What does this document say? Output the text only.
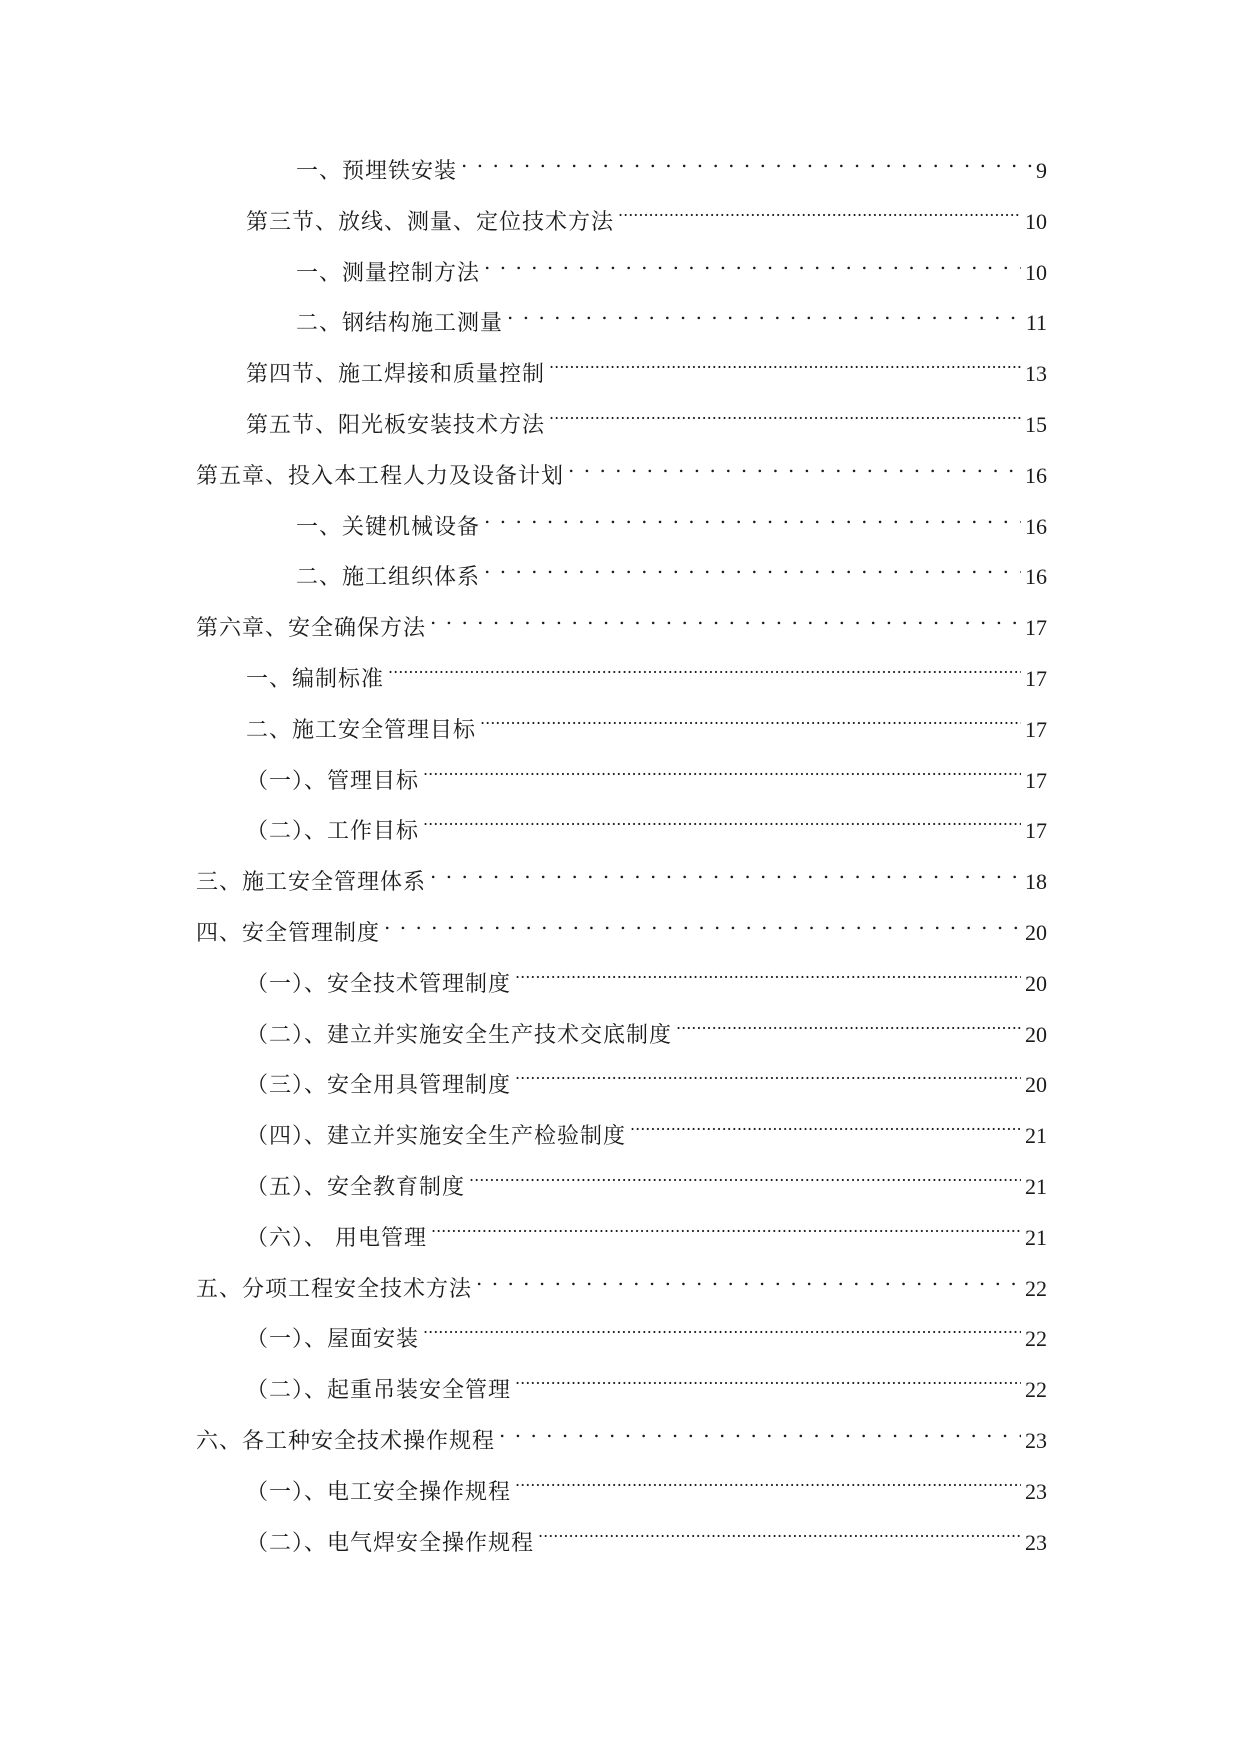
一、预埋铁安装 . . .	9
第三节、放线、测量、定位技术方法 .....	10
一、测量控制方法 . . .	10
二、钢结构施工测量 . . .	11
第四节、施工焊接和质量控制 .....	13
第五节、阳光板安装技术方法 .....	15
第五章、投入本工程人力及设备计划 . . .	16
一、关键机械设备 . . .	16
二、施工组织体系 . . .	16
第六章、安全确保方法 . . .	17
一、编制标准 .....	17
二、施工安全管理目标 .....	17
（一）、管理目标 .....	17
（二）、工作目标 .....	17
三、施工安全管理体系 . . .	18
四、安全管理制度 . . .	20
（一）、安全技术管理制度 .....	20
（二）、建立并实施安全生产技术交底制度 .....	20
（三）、安全用具管理制度 .....	20
（四）、建立并实施安全生产检验制度 .....	21
（五）、安全教育制度 .....	21
（六）、 用电管理 .....	21
五、分项工程安全技术方法 . . .	22
（一）、屋面安装 .....	22
（二）、起重吊装安全管理 .....	22
六、各工种安全技术操作规程 . . .	23
（一）、电工安全操作规程 .....	23
（二）、电气焊安全操作规程 .....	23
